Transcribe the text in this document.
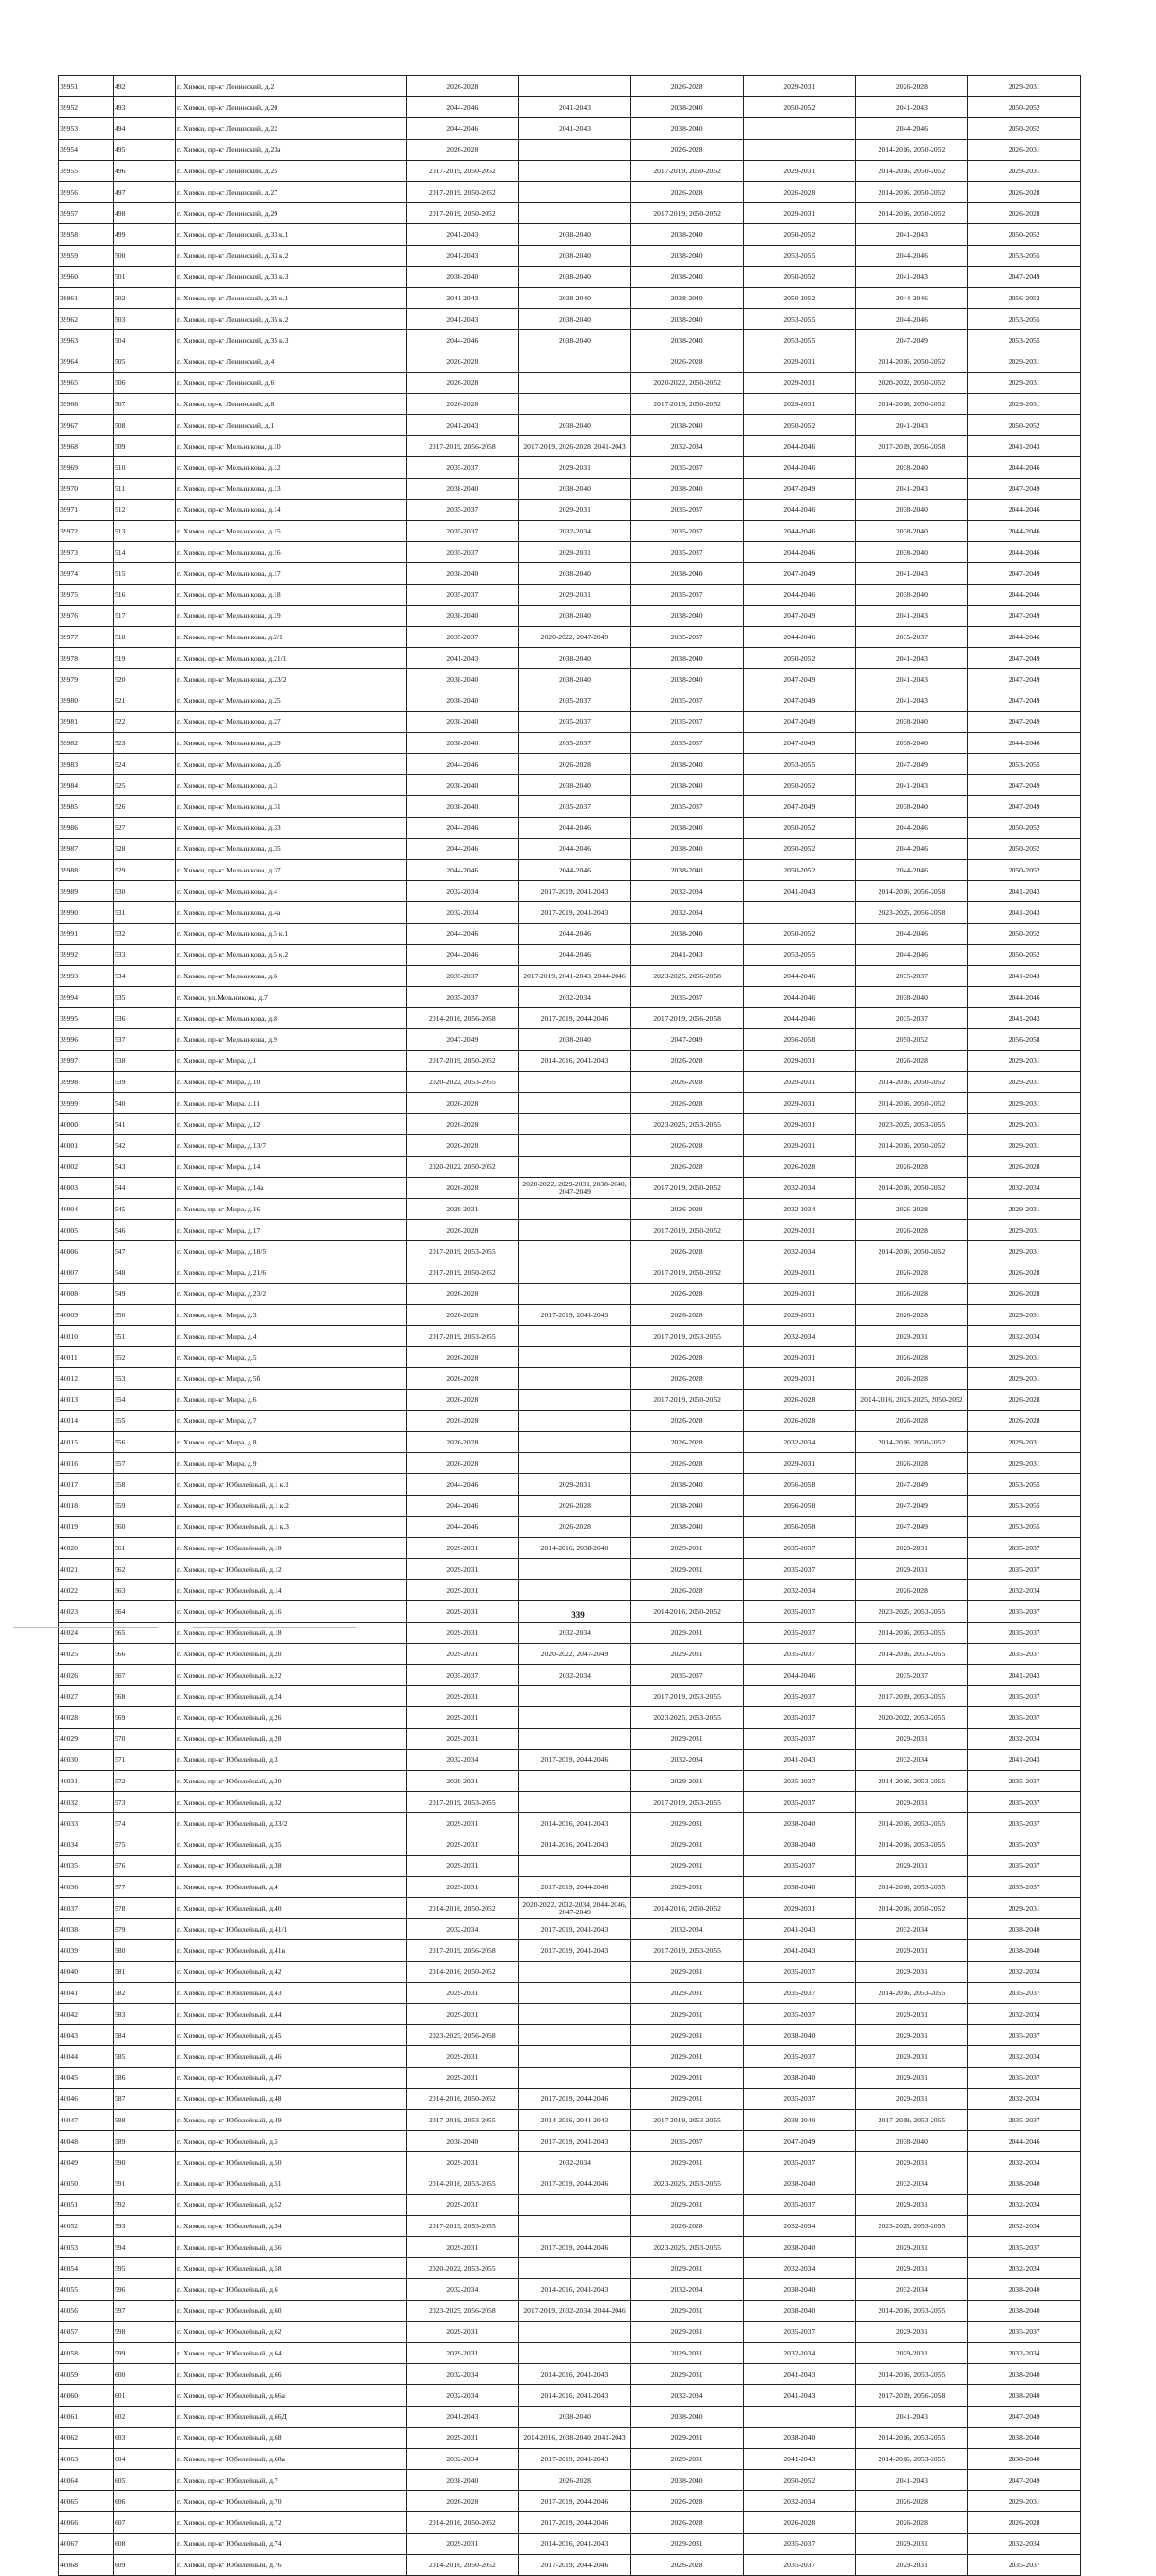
39951	492	г. Химки, пр-кт Ленинский, д.2	2026-2028		2026-2028	2029-2031	2026-2028	2029-2031
39952	493	г. Химки, пр-кт Ленинский, д.20	2044-2046	2041-2043	2038-2040	2050-2052	2041-2043	2050-2052
39953	494	г. Химки, пр-кт Ленинский, д.22	2044-2046	2041-2043	2038-2040		2044-2046	2050-2052
39954	495	г. Химки, пр-кт Ленинский, д.23а	2026-2028		2026-2028		2014-2016, 2050-2052	2026-2031
39955	496	г. Химки, пр-кт Ленинский, д.25	2017-2019, 2050-2052		2017-2019, 2050-2052	2029-2031	2014-2016, 2050-2052	2029-2031
39956	497	г. Химки, пр-кт Ленинский, д.27	2017-2019, 2050-2052		2026-2028	2026-2028	2014-2016, 2050-2052	2026-2028
39957	498	г. Химки, пр-кт Ленинский, д.29	2017-2019, 2050-2052		2017-2019, 2050-2052	2029-2031	2014-2016, 2050-2052	2026-2028
39958	499	г. Химки, пр-кт Ленинский, д.33 к.1	2041-2043	2038-2040	2038-2040	2050-2052	2041-2043	2050-2052
39959	500	г. Химки, пр-кт Ленинский, д.33 к.2	2041-2043	2038-2040	2038-2040	2053-2055	2044-2046	2053-2055
39960	501	г. Химки, пр-кт Ленинский, д.33 к.3	2038-2040	2038-2040	2038-2040	2050-2052	2041-2043	2047-2049
39961	502	г. Химки, пр-кт Ленинский, д.35 к.1	2041-2043	2038-2040	2038-2040	2050-2052	2044-2046	2056-2052
39962	503	г. Химки, пр-кт Ленинский, д.35 к.2	2041-2043	2038-2040	2038-2040	2053-2055	2044-2046	2053-2055
39963	504	г. Химки, пр-кт Ленинский, д.35 к.3	2044-2046	2038-2040	2038-2040	2053-2055	2047-2049	2053-2055
39964	505	г. Химки, пр-кт Ленинский, д.4	2026-2028		2026-2028	2029-2031	2014-2016, 2050-2052	2029-2031
39965	506	г. Химки, пр-кт Ленинский, д.6	2026-2028		2020-2022, 2050-2052	2029-2031	2020-2022, 2050-2052	2029-2031
39966	507	г. Химки, пр-кт Ленинский, д.8	2026-2028		2017-2019, 2050-2052	2029-2031	2014-2016, 2050-2052	2029-2031
39967	508	г. Химки, пр-кт Ленинский, д.1	2041-2043	2038-2040	2038-2040	2050-2052	2041-2043	2050-2052
39968	509	г. Химки, пр-кт Мельникова, д.10	2017-2019, 2056-2058	2017-2019, 2026-2028, 2041-2043	2032-2034	2044-2046	2017-2019, 2056-2058	2041-2043
39969	510	г. Химки, пр-кт Мельникова, д.12	2035-2037	2029-2031	2035-2037	2044-2046	2038-2040	2044-2046
39970	511	г. Химки, пр-кт Мельникова, д.13	2038-2040	2038-2040	2038-2040	2047-2049	2041-2043	2047-2049
39971	512	г. Химки, пр-кт Мельникова, д.14	2035-2037	2029-2031	2035-2037	2044-2046	2038-2040	2044-2046
39972	513	г. Химки, пр-кт Мельникова, д.15	2035-2037	2032-2034	2035-2037	2044-2046	2038-2040	2044-2046
39973	514	г. Химки, пр-кт Мельникова, д.16	2035-2037	2029-2031	2035-2037	2044-2046	2038-2040	2044-2046
39974	515	г. Химки, пр-кт Мельникова, д.17	2038-2040	2038-2040	2038-2040	2047-2049	2041-2043	2047-2049
39975	516	г. Химки, пр-кт Мельникова, д.18	2035-2037	2029-2031	2035-2037	2044-2046	2038-2040	2044-2046
39976	517	г. Химки, пр-кт Мельникова, д.19	2038-2040	2038-2040	2038-2040	2047-2049	2041-2043	2047-2049
39977	518	г. Химки, пр-кт Мельникова, д.2/1	2035-2037	2020-2022, 2047-2049	2035-2037	2044-2046	2035-2037	2044-2046
39978	519	г. Химки, пр-кт Мельникова, д.21/1	2041-2043	2038-2040	2038-2040	2050-2052	2041-2043	2047-2049
39979	520	г. Химки, пр-кт Мельникова, д.23/2	2038-2040	2038-2040	2038-2040	2047-2049	2041-2043	2047-2049
39980	521	г. Химки, пр-кт Мельникова, д.25	2038-2040	2035-2037	2035-2037	2047-2049	2041-2043	2047-2049
39981	522	г. Химки, пр-кт Мельникова, д.27	2038-2040	2035-2037	2035-2037	2047-2049	2038-2040	2047-2049
39982	523	г. Химки, пр-кт Мельникова, д.29	2038-2040	2035-2037	2035-2037	2047-2049	2038-2040	2044-2046
39983	524	г. Химки, пр-кт Мельникова, д.2б	2044-2046	2026-2028	2038-2040	2053-2055	2047-2049	2053-2055
39984	525	г. Химки, пр-кт Мельникова, д.3	2038-2040	2038-2040	2038-2040	2050-2052	2041-2043	2047-2049
39985	526	г. Химки, пр-кт Мельникова, д.31	2038-2040	2035-2037	2035-2037	2047-2049	2038-2040	2047-2049
39986	527	г. Химки, пр-кт Мельникова, д.33	2044-2046	2044-2046	2038-2040	2050-2052	2044-2046	2050-2052
39987	528	г. Химки, пр-кт Мельникова, д.35	2044-2046	2044-2046	2038-2040	2050-2052	2044-2046	2050-2052
39988	529	г. Химки, пр-кт Мельникова, д.37	2044-2046	2044-2046	2038-2040	2050-2052	2044-2046	2050-2052
39989	530	г. Химки, пр-кт Мельникова, д.4	2032-2034	2017-2019, 2041-2043	2032-2034	2041-2043	2014-2016, 2056-2058	2041-2043
39990	531	г. Химки, пр-кт Мельникова, д.4а	2032-2034	2017-2019, 2041-2043	2032-2034		2023-2025, 2056-2058	2041-2043
39991	532	г. Химки, пр-кт Мельникова, д.5 к.1	2044-2046	2044-2046	2038-2040	2050-2052	2044-2046	2050-2052
39992	533	г. Химки, пр-кт Мельникова, д.5 к.2	2044-2046	2044-2046	2041-2043	2053-2055	2044-2046	2050-2052
39993	534	г. Химки, пр-кт Мельникова, д.6	2035-2037	2017-2019, 2041-2043, 2044-2046	2023-2025, 2056-2058	2044-2046	2035-2037	2041-2043
39994	535	г. Химки, ул.Мельникова, д.7	2035-2037	2032-2034	2035-2037	2044-2046	2038-2040	2044-2046
39995	536	г. Химки, пр-кт Мельникова, д.8	2014-2016, 2056-2058	2017-2019, 2044-2046	2017-2019, 2056-2058	2044-2046	2035-2037	2041-2043
39996	537	г. Химки, пр-кт Мельникова, д.9	2047-2049	2038-2040	2047-2049	2056-2058	2050-2052	2056-2058
39997	538	г. Химки, пр-кт Мира, д.1	2017-2019, 2050-2052	2014-2016, 2041-2043	2026-2028	2029-2031	2026-2028	2029-2031
39998	539	г. Химки, пр-кт Мира, д.10	2020-2022, 2053-2055		2026-2028	2029-2031	2014-2016, 2050-2052	2029-2031
39999	540	г. Химки, пр-кт Мира, д.11	2026-2028		2026-2028	2029-2031	2014-2016, 2050-2052	2029-2031
40000	541	г. Химки, пр-кт Мира, д.12	2026-2028		2023-2025, 2053-2055	2029-2031	2023-2025, 2053-2055	2029-2031
40001	542	г. Химки, пр-кт Мира, д.13/7	2026-2028		2026-2028	2029-2031	2014-2016, 2050-2052	2029-2031
40002	543	г. Химки, пр-кт Мира, д.14	2020-2022, 2050-2052		2026-2028	2026-2028	2026-2028	2026-2028
40003	544	г. Химки, пр-кт Мира, д.14а	2026-2028	2020-2022, 2029-2031, 2038-2040, 2047-2049	2017-2019, 2050-2052	2032-2034	2014-2016, 2050-2052	2032-2034
40004	545	г. Химки, пр-кт Мира, д.16	2029-2031		2026-2028	2032-2034	2026-2028	2029-2031
40005	546	г. Химки, пр-кт Мира, д.17	2026-2028		2017-2019, 2050-2052	2029-2031	2026-2028	2029-2031
40006	547	г. Химки, пр-кт Мира, д.18/5	2017-2019, 2053-2055		2026-2028	2032-2034	2014-2016, 2050-2052	2029-2031
40007	548	г. Химки, пр-кт Мира, д.21/6	2017-2019, 2050-2052		2017-2019, 2050-2052	2029-2031	2026-2028	2026-2028
40008	549	г. Химки, пр-кт Мира, д.23/2	2026-2028		2026-2028	2029-2031	2026-2028	2026-2028
40009	550	г. Химки, пр-кт Мира, д.3	2026-2028	2017-2019, 2041-2043	2026-2028	2029-2031	2026-2028	2029-2031
40010	551	г. Химки, пр-кт Мира, д.4	2017-2019, 2053-2055		2017-2019, 2053-2055	2032-2034	2029-2031	2032-2034
40011	552	г. Химки, пр-кт Мира, д.5	2026-2028		2026-2028	2029-2031	2026-2028	2029-2031
40012	553	г. Химки, пр-кт Мира, д.5б	2026-2028		2026-2028	2029-2031	2026-2028	2029-2031
40013	554	г. Химки, пр-кт Мира, д.6	2026-2028		2017-2019, 2050-2052	2026-2028	2014-2016, 2023-2025, 2050-2052	2026-2028
40014	555	г. Химки, пр-кт Мира, д.7	2026-2028		2026-2028	2026-2028	2026-2028	2026-2028
40015	556	г. Химки, пр-кт Мира, д.8	2026-2028		2026-2028	2032-2034	2014-2016, 2050-2052	2029-2031
40016	557	г. Химки, пр-кт Мира, д.9	2026-2028		2026-2028	2029-2031	2026-2028	2029-2031
40017	558	г. Химки, пр-кт Юбилейный, д.1 к.1	2044-2046	2029-2031	2038-2040	2056-2058	2047-2049	2053-2055
40018	559	г. Химки, пр-кт Юбилейный, д.1 к.2	2044-2046	2026-2028	2038-2040	2056-2058	2047-2049	2053-2055
40019	560	г. Химки, пр-кт Юбилейный, д.1 к.3	2044-2046	2026-2028	2038-2040	2056-2058	2047-2049	2053-2055
40020	561	г. Химки, пр-кт Юбилейный, д.10	2029-2031	2014-2016, 2038-2040	2029-2031	2035-2037	2029-2031	2035-2037
40021	562	г. Химки, пр-кт Юбилейный, д.12	2029-2031		2029-2031	2035-2037	2029-2031	2035-2037
40022	563	г. Химки, пр-кт Юбилейный, д.14	2029-2031		2026-2028	2032-2034	2026-2028	2032-2034
40023	564	г. Химки, пр-кт Юбилейный, д.16	2029-2031		2014-2016, 2050-2052	2035-2037	2023-2025, 2053-2055	2035-2037
40024	565	г. Химки, пр-кт Юбилейный, д.18	2029-2031	2032-2034	2029-2031	2035-2037	2014-2016, 2053-2055	2035-2037
40025	566	г. Химки, пр-кт Юбилейный, д.20	2029-2031	2020-2022, 2047-2049	2029-2031	2035-2037	2014-2016, 2053-2055	2035-2037
40026	567	г. Химки, пр-кт Юбилейный, д.22	2035-2037	2032-2034	2035-2037	2044-2046	2035-2037	2041-2043
40027	568	г. Химки, пр-кт Юбилейный, д.24	2029-2031		2017-2019, 2053-2055	2035-2037	2017-2019, 2053-2055	2035-2037
40028	569	г. Химки, пр-кт Юбилейный, д.26	2029-2031		2023-2025, 2053-2055	2035-2037	2020-2022, 2053-2055	2035-2037
40029	570	г. Химки, пр-кт Юбилейный, д.28	2029-2031		2029-2031	2035-2037	2029-2031	2032-2034
40030	571	г. Химки, пр-кт Юбилейный, д.3	2032-2034	2017-2019, 2044-2046	2032-2034	2041-2043	2032-2034	2041-2043
40031	572	г. Химки, пр-кт Юбилейный, д.30	2029-2031		2029-2031	2035-2037	2014-2016, 2053-2055	2035-2037
40032	573	г. Химки, пр-кт Юбилейный, д.32	2017-2019, 2053-2055		2017-2019, 2053-2055	2035-2037	2029-2031	2035-2037
40033	574	г. Химки, пр-кт Юбилейный, д.33/2	2029-2031	2014-2016, 2041-2043	2029-2031	2038-2040	2014-2016, 2053-2055	2035-2037
40034	575	г. Химки, пр-кт Юбилейный, д.35	2029-2031	2014-2016, 2041-2043	2029-2031	2038-2040	2014-2016, 2053-2055	2035-2037
40035	576	г. Химки, пр-кт Юбилейный, д.38	2029-2031		2029-2031	2035-2037	2029-2031	2035-2037
40036	577	г. Химки, пр-кт Юбилейный, д.4	2029-2031	2017-2019, 2044-2046	2029-2031	2038-2040	2014-2016, 2053-2055	2035-2037
40037	578	г. Химки, пр-кт Юбилейный, д.40	2014-2016, 2050-2052	2020-2022, 2032-2034, 2044-2046, 2047-2049	2014-2016, 2050-2052	2029-2031	2014-2016, 2050-2052	2029-2031
40038	579	г. Химки, пр-кт Юбилейный, д.41/1	2032-2034	2017-2019, 2041-2043	2032-2034	2041-2043	2032-2034	2038-2040
40039	580	г. Химки, пр-кт Юбилейный, д.41в	2017-2019, 2056-2058	2017-2019, 2041-2043	2017-2019, 2053-2055	2041-2043	2029-2031	2038-2040
40040	581	г. Химки, пр-кт Юбилейный, д.42	2014-2016, 2050-2052		2029-2031	2035-2037	2029-2031	2032-2034
40041	582	г. Химки, пр-кт Юбилейный, д.43	2029-2031		2029-2031	2035-2037	2014-2016, 2053-2055	2035-2037
40042	583	г. Химки, пр-кт Юбилейный, д.44	2029-2031		2029-2031	2035-2037	2029-2031	2032-2034
40043	584	г. Химки, пр-кт Юбилейный, д.45	2023-2025, 2056-2058		2029-2031	2038-2040	2029-2031	2035-2037
40044	585	г. Химки, пр-кт Юбилейный, д.46	2029-2031		2029-2031	2035-2037	2029-2031	2032-2034
40045	586	г. Химки, пр-кт Юбилейный, д.47	2029-2031		2029-2031	2038-2040	2029-2031	2035-2037
40046	587	г. Химки, пр-кт Юбилейный, д.48	2014-2016, 2050-2052	2017-2019, 2044-2046	2029-2031	2035-2037	2029-2031	2032-2034
40047	588	г. Химки, пр-кт Юбилейный, д.49	2017-2019, 2053-2055	2014-2016, 2041-2043	2017-2019, 2053-2055	2038-2040	2017-2019, 2053-2055	2035-2037
40048	589	г. Химки, пр-кт Юбилейный, д.5	2038-2040	2017-2019, 2041-2043	2035-2037	2047-2049	2038-2040	2044-2046
40049	590	г. Химки, пр-кт Юбилейный, д.50	2029-2031	2032-2034	2029-2031	2035-2037	2029-2031	2032-2034
40050	591	г. Химки, пр-кт Юбилейный, д.51	2014-2016, 2053-2055	2017-2019, 2044-2046	2023-2025, 2053-2055	2038-2040	2032-2034	2038-2040
40051	592	г. Химки, пр-кт Юбилейный, д.52	2029-2031		2029-2031	2035-2037	2029-2031	2032-2034
40052	593	г. Химки, пр-кт Юбилейный, д.54	2017-2019, 2053-2055		2026-2028	2032-2034	2023-2025, 2053-2055	2032-2034
40053	594	г. Химки, пр-кт Юбилейный, д.56	2029-2031	2017-2019, 2044-2046	2023-2025, 2053-2055	2038-2040	2029-2031	2035-2037
40054	595	г. Химки, пр-кт Юбилейный, д.58	2020-2022, 2053-2055		2029-2031	2032-2034	2029-2031	2032-2034
40055	596	г. Химки, пр-кт Юбилейный, д.6	2032-2034	2014-2016, 2041-2043	2032-2034	2038-2040	2032-2034	2038-2040
40056	597	г. Химки, пр-кт Юбилейный, д.60	2023-2025, 2056-2058	2017-2019, 2032-2034, 2044-2046	2029-2031	2038-2040	2014-2016, 2053-2055	2038-2040
40057	598	г. Химки, пр-кт Юбилейный, д.62	2029-2031		2029-2031	2035-2037	2029-2031	2035-2037
40058	599	г. Химки, пр-кт Юбилейный, д.64	2029-2031		2029-2031	2032-2034	2029-2031	2032-2034
40059	600	г. Химки, пр-кт Юбилейный, д.66	2032-2034	2014-2016, 2041-2043	2029-2031	2041-2043	2014-2016, 2053-2055	2038-2040
40060	601	г. Химки, пр-кт Юбилейный, д.66а	2032-2034	2014-2016, 2041-2043	2032-2034	2041-2043	2017-2019, 2056-2058	2038-2040
40061	602	г. Химки, пр-кт Юбилейный, д.66Д	2041-2043	2038-2040	2038-2040		2041-2043	2047-2049
40062	603	г. Химки, пр-кт Юбилейный, д.68	2029-2031	2014-2016, 2038-2040, 2041-2043	2029-2031	2038-2040	2014-2016, 2053-2055	2038-2040
40063	604	г. Химки, пр-кт Юбилейный, д.68а	2032-2034	2017-2019, 2041-2043	2029-2031	2041-2043	2014-2016, 2053-2055	2038-2040
40064	605	г. Химки, пр-кт Юбилейный, д.7	2038-2040	2026-2028	2038-2040	2050-2052	2041-2043	2047-2049
40065	606	г. Химки, пр-кт Юбилейный, д.70	2026-2028	2017-2019, 2044-2046	2026-2028	2032-2034	2026-2028	2029-2031
40066	607	г. Химки, пр-кт Юбилейный, д.72	2014-2016, 2050-2052	2017-2019, 2044-2046	2026-2028	2026-2028	2026-2028	2026-2028
40067	608	г. Химки, пр-кт Юбилейный, д.74	2029-2031	2014-2016, 2041-2043	2029-2031	2035-2037	2029-2031	2032-2034
40068	609	г. Химки, пр-кт Юбилейный, д.76	2014-2016, 2050-2052	2017-2019, 2044-2046	2026-2028	2035-2037	2029-2031	2035-2037
339
